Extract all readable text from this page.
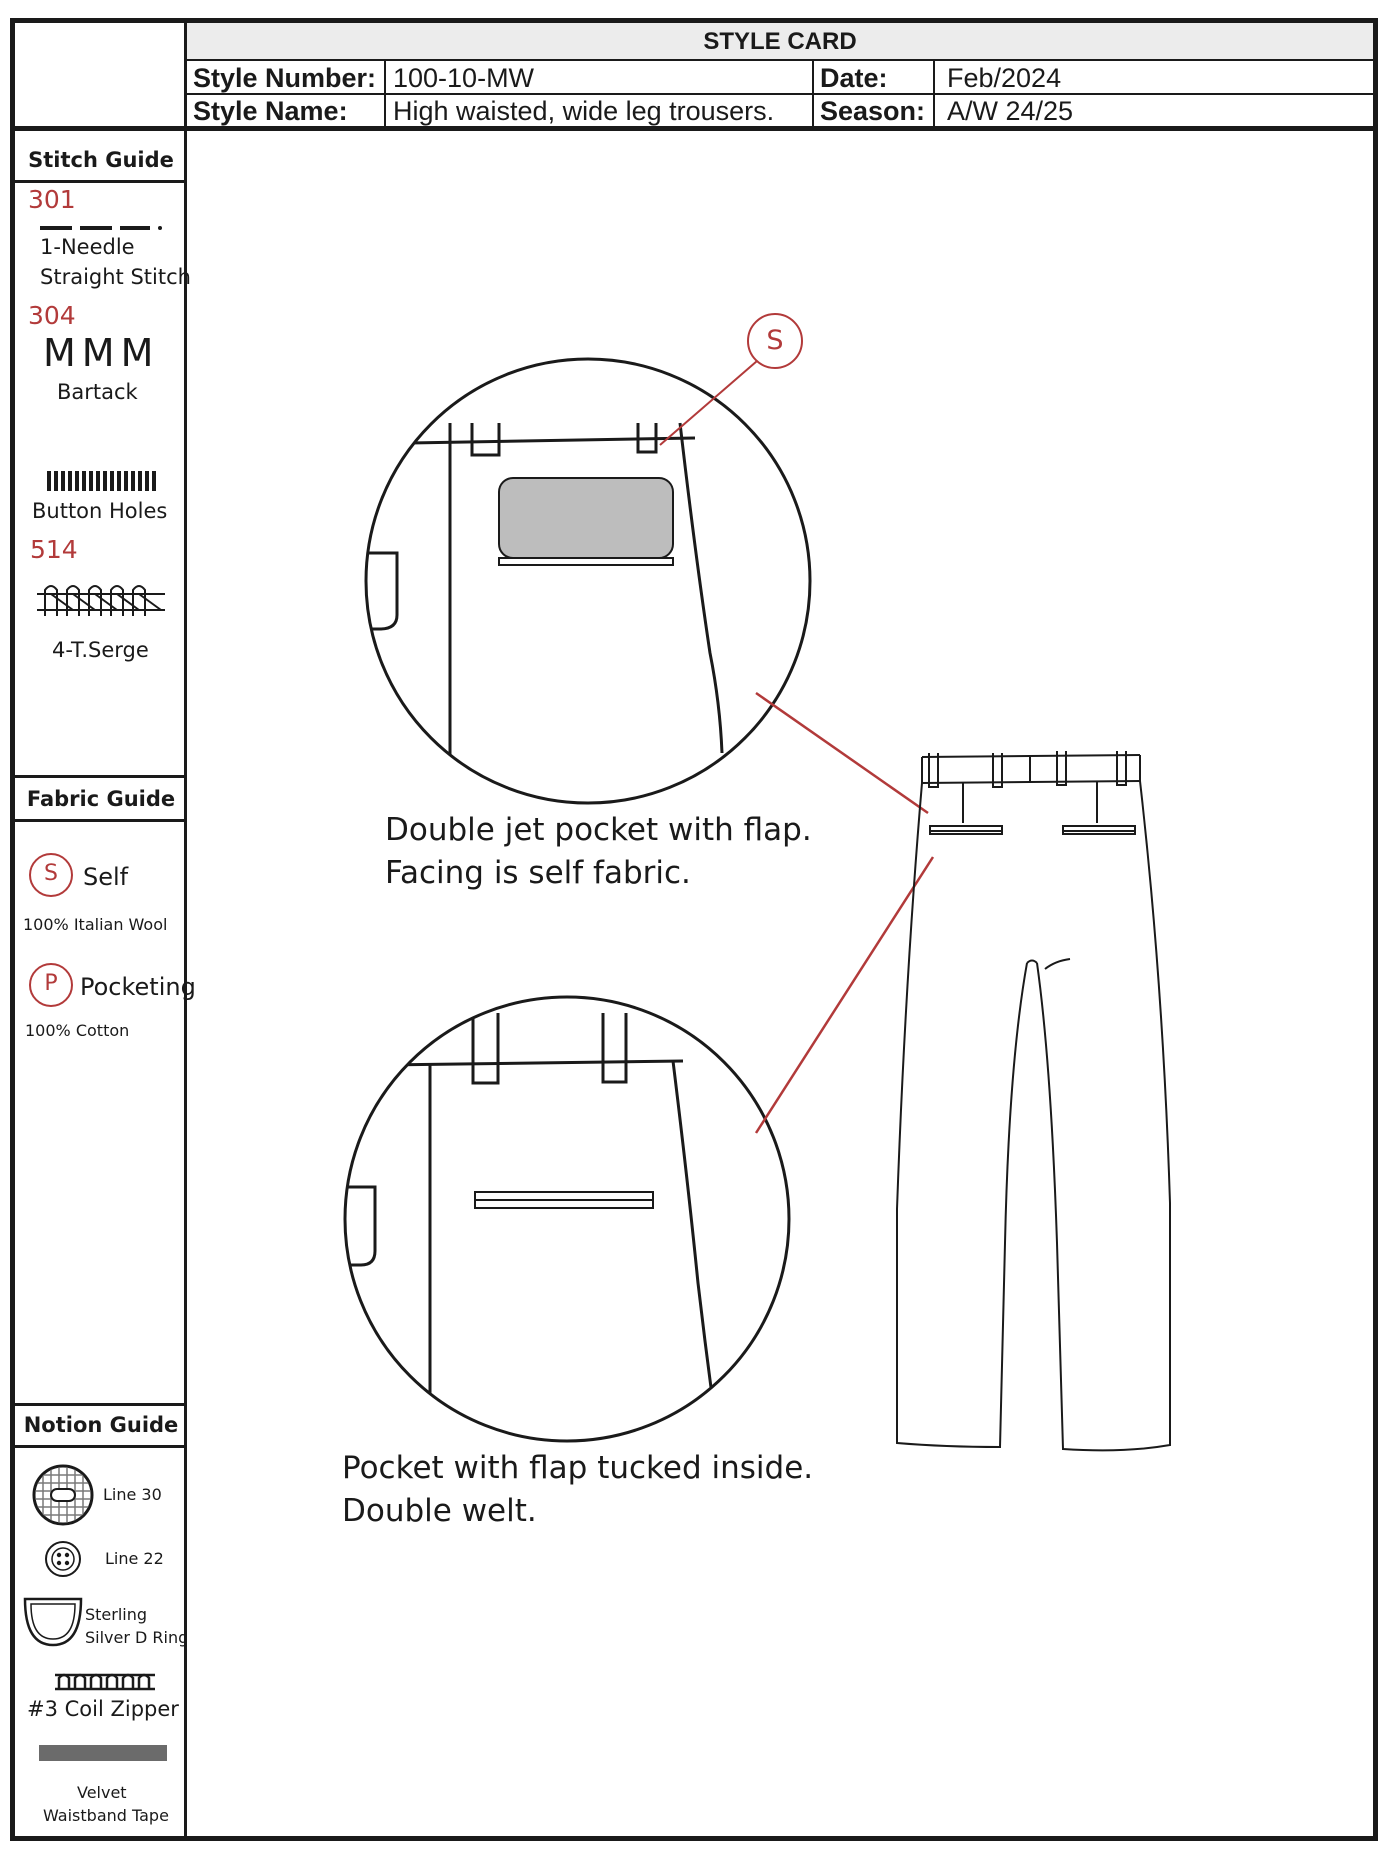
STYLE CARD
Style Number: 100-10-MW	Date: Feb/2024
Style Name: High waisted, wide leg trousers. Season: A/W 24/25
Stitch Guide
301
1-Needle
Straight Stitch
304
MMM
Bartack
Button Holes
514
4-T.Serge
Fabric Guide
S	Self
100% Italian Wool
P Pocketing
100% Cotton
Notion Guide
Line 30
Line 22
Sterling
Silver D Ring
#3 Coil Zipper
Velvet
Waistband Tape
S
Double jet pocket with flap.
Facing is self fabric.
Pocket with flap tucked inside.
Double welt.
